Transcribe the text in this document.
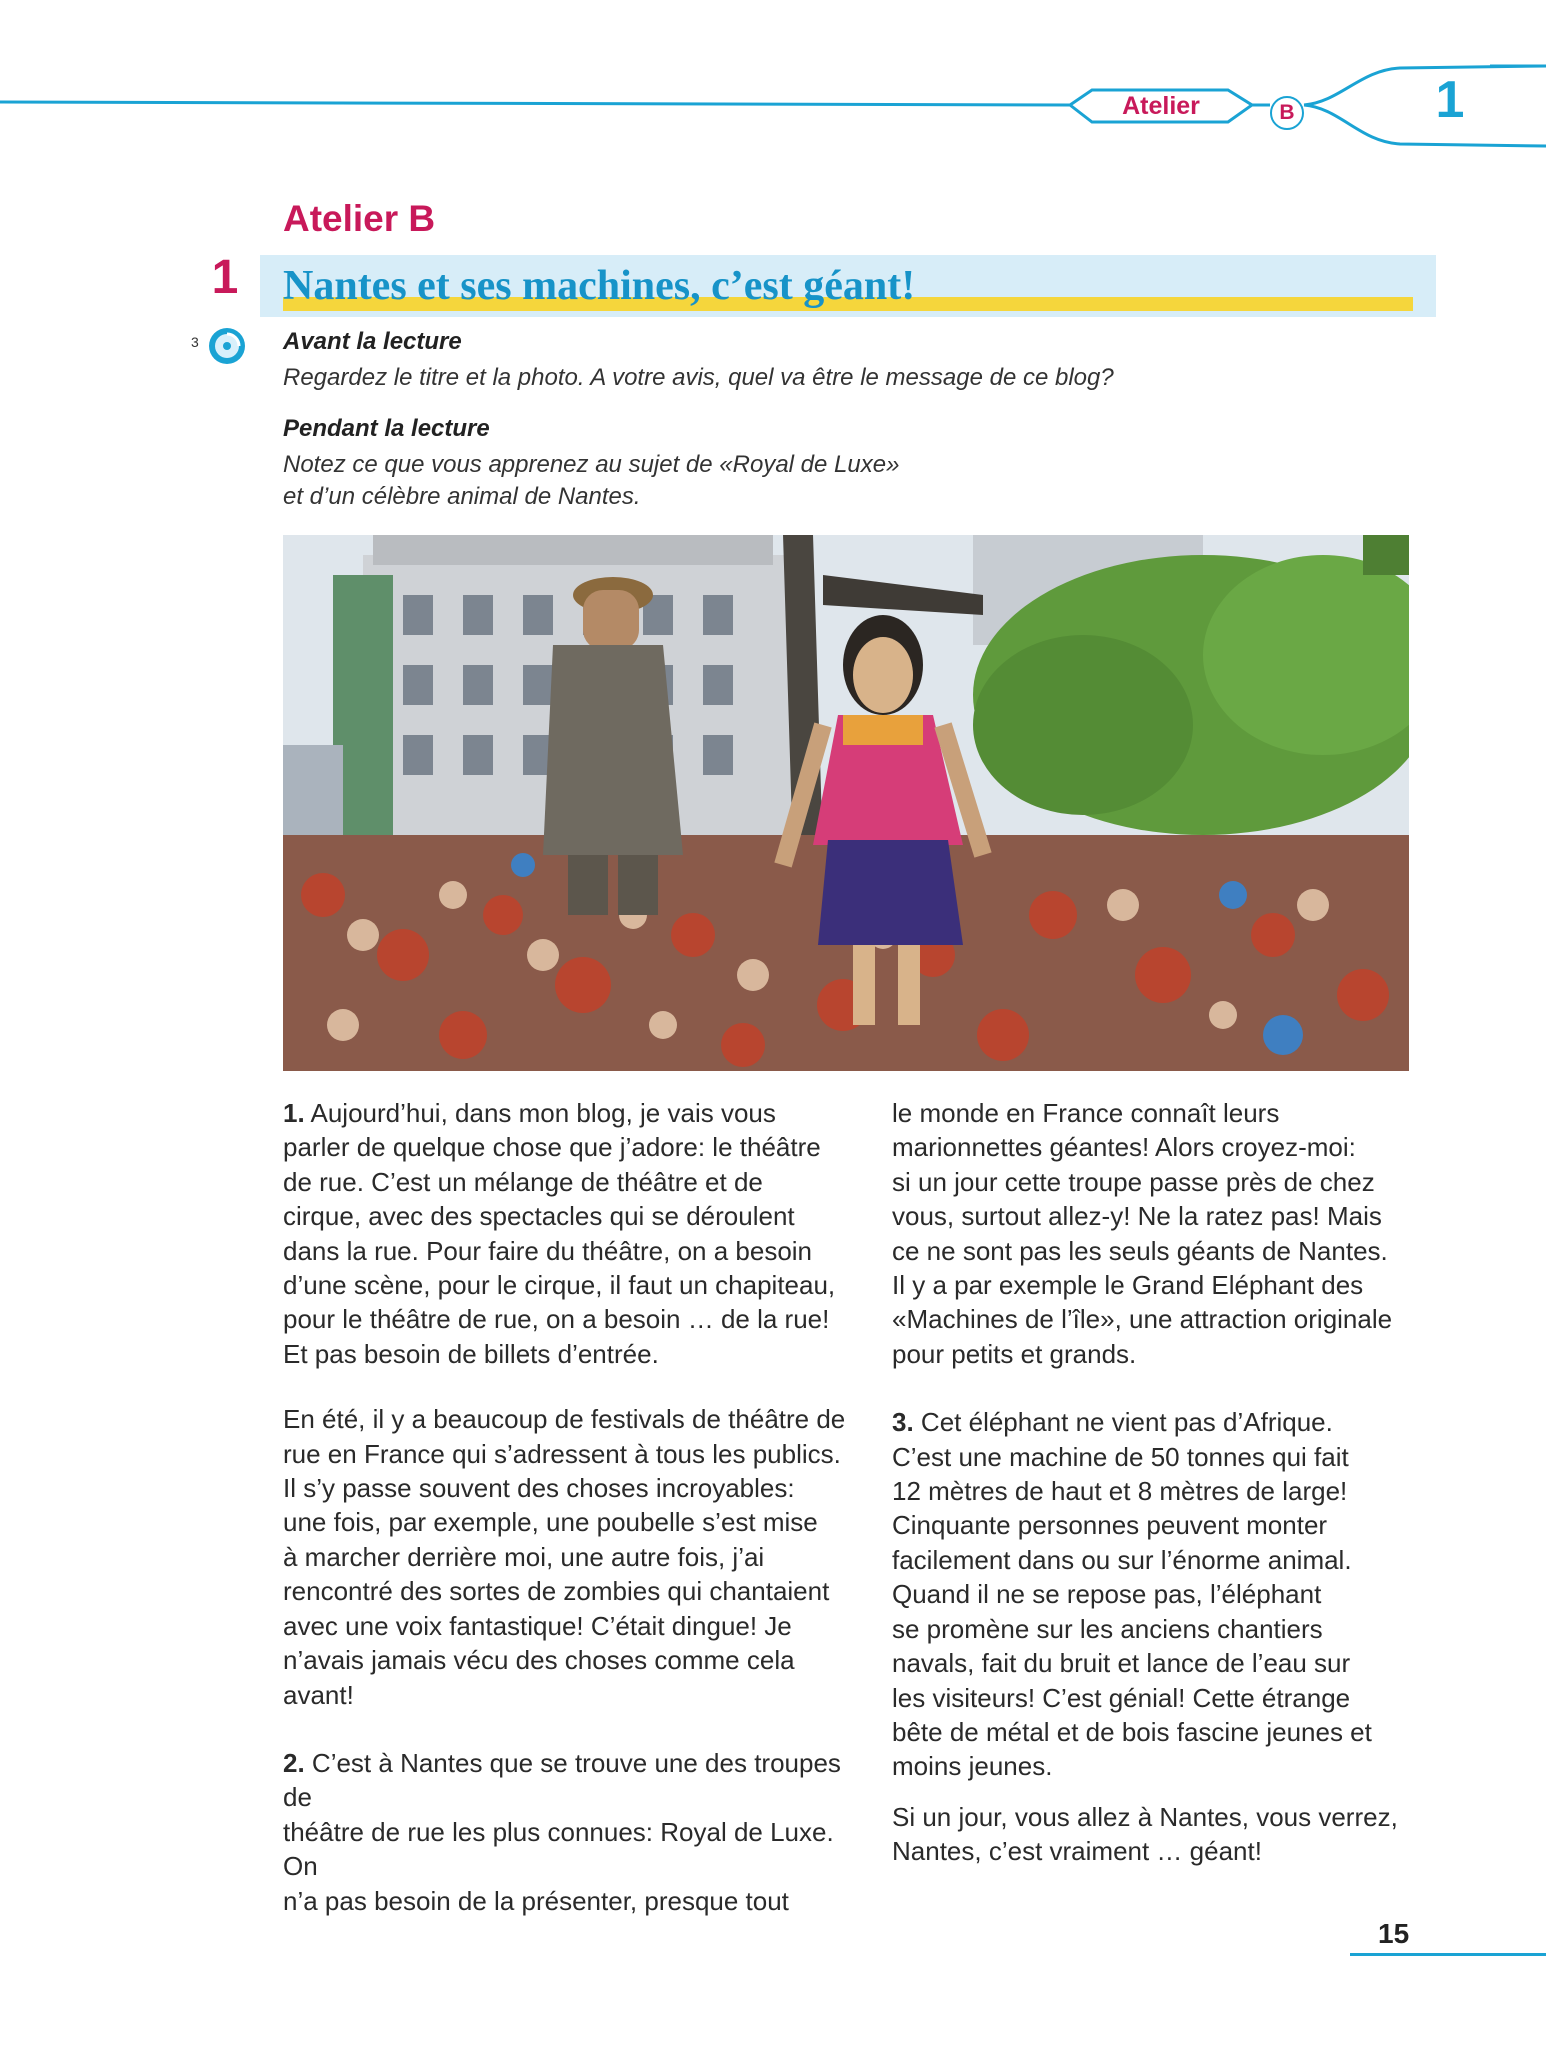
Atelier	B	1
Atelier B
1 Nantes et ses machines, c’est géant!
3	Avant la lecture
Regardez le titre et la photo. A votre avis, quel va être le message de ce blog?
Pendant la lecture
Notez ce que vous apprenez au sujet de «Royal de Luxe»
et d’un célèbre animal de Nantes.

1. Aujourd’hui, dans mon blog, je vais vous
parler de quelque chose que j’adore: le théâtre
de rue. C’est un mélange de théâtre et de
cirque, avec des spectacles qui se déroulent
dans la rue. Pour faire du théâtre, on a besoin
d’une scène, pour le cirque, il faut un chapiteau,
pour le théâtre de rue, on a besoin … de la rue!
Et pas besoin de billets d’entrée.

En été, il y a beaucoup de festivals de théâtre de
rue en France qui s’adressent à tous les publics.
Il s’y passe souvent des choses incroyables:
une fois, par exemple, une poubelle s’est mise
à marcher derrière moi, une autre fois, j’ai
rencontré des sortes de zombies qui chantaient
avec une voix fantastique! C’était dingue! Je
n’avais jamais vécu des choses comme cela
avant!

2. C’est à Nantes que se trouve une des troupes de
théâtre de rue les plus connues: Royal de Luxe. On
n’a pas besoin de la présenter, presque tout

le monde en France connaît leurs
marionnettes géantes! Alors croyez-moi:
si un jour cette troupe passe près de chez
vous, surtout allez-y! Ne la ratez pas! Mais
ce ne sont pas les seuls géants de Nantes.
Il y a par exemple le Grand Eléphant des
«Machines de l’île», une attraction originale
pour petits et grands.

3. Cet éléphant ne vient pas d’Afrique.
C’est une machine de 50 tonnes qui fait
12 mètres de haut et 8 mètres de large!
Cinquante personnes peuvent monter
facilement dans ou sur l’énorme animal.
Quand il ne se repose pas, l’éléphant
se promène sur les anciens chantiers
navals, fait du bruit et lance de l’eau sur
les visiteurs! C’est génial! Cette étrange
bête de métal et de bois fascine jeunes et
moins jeunes.

Si un jour, vous allez à Nantes, vous verrez,
Nantes, c’est vraiment … géant!

15
